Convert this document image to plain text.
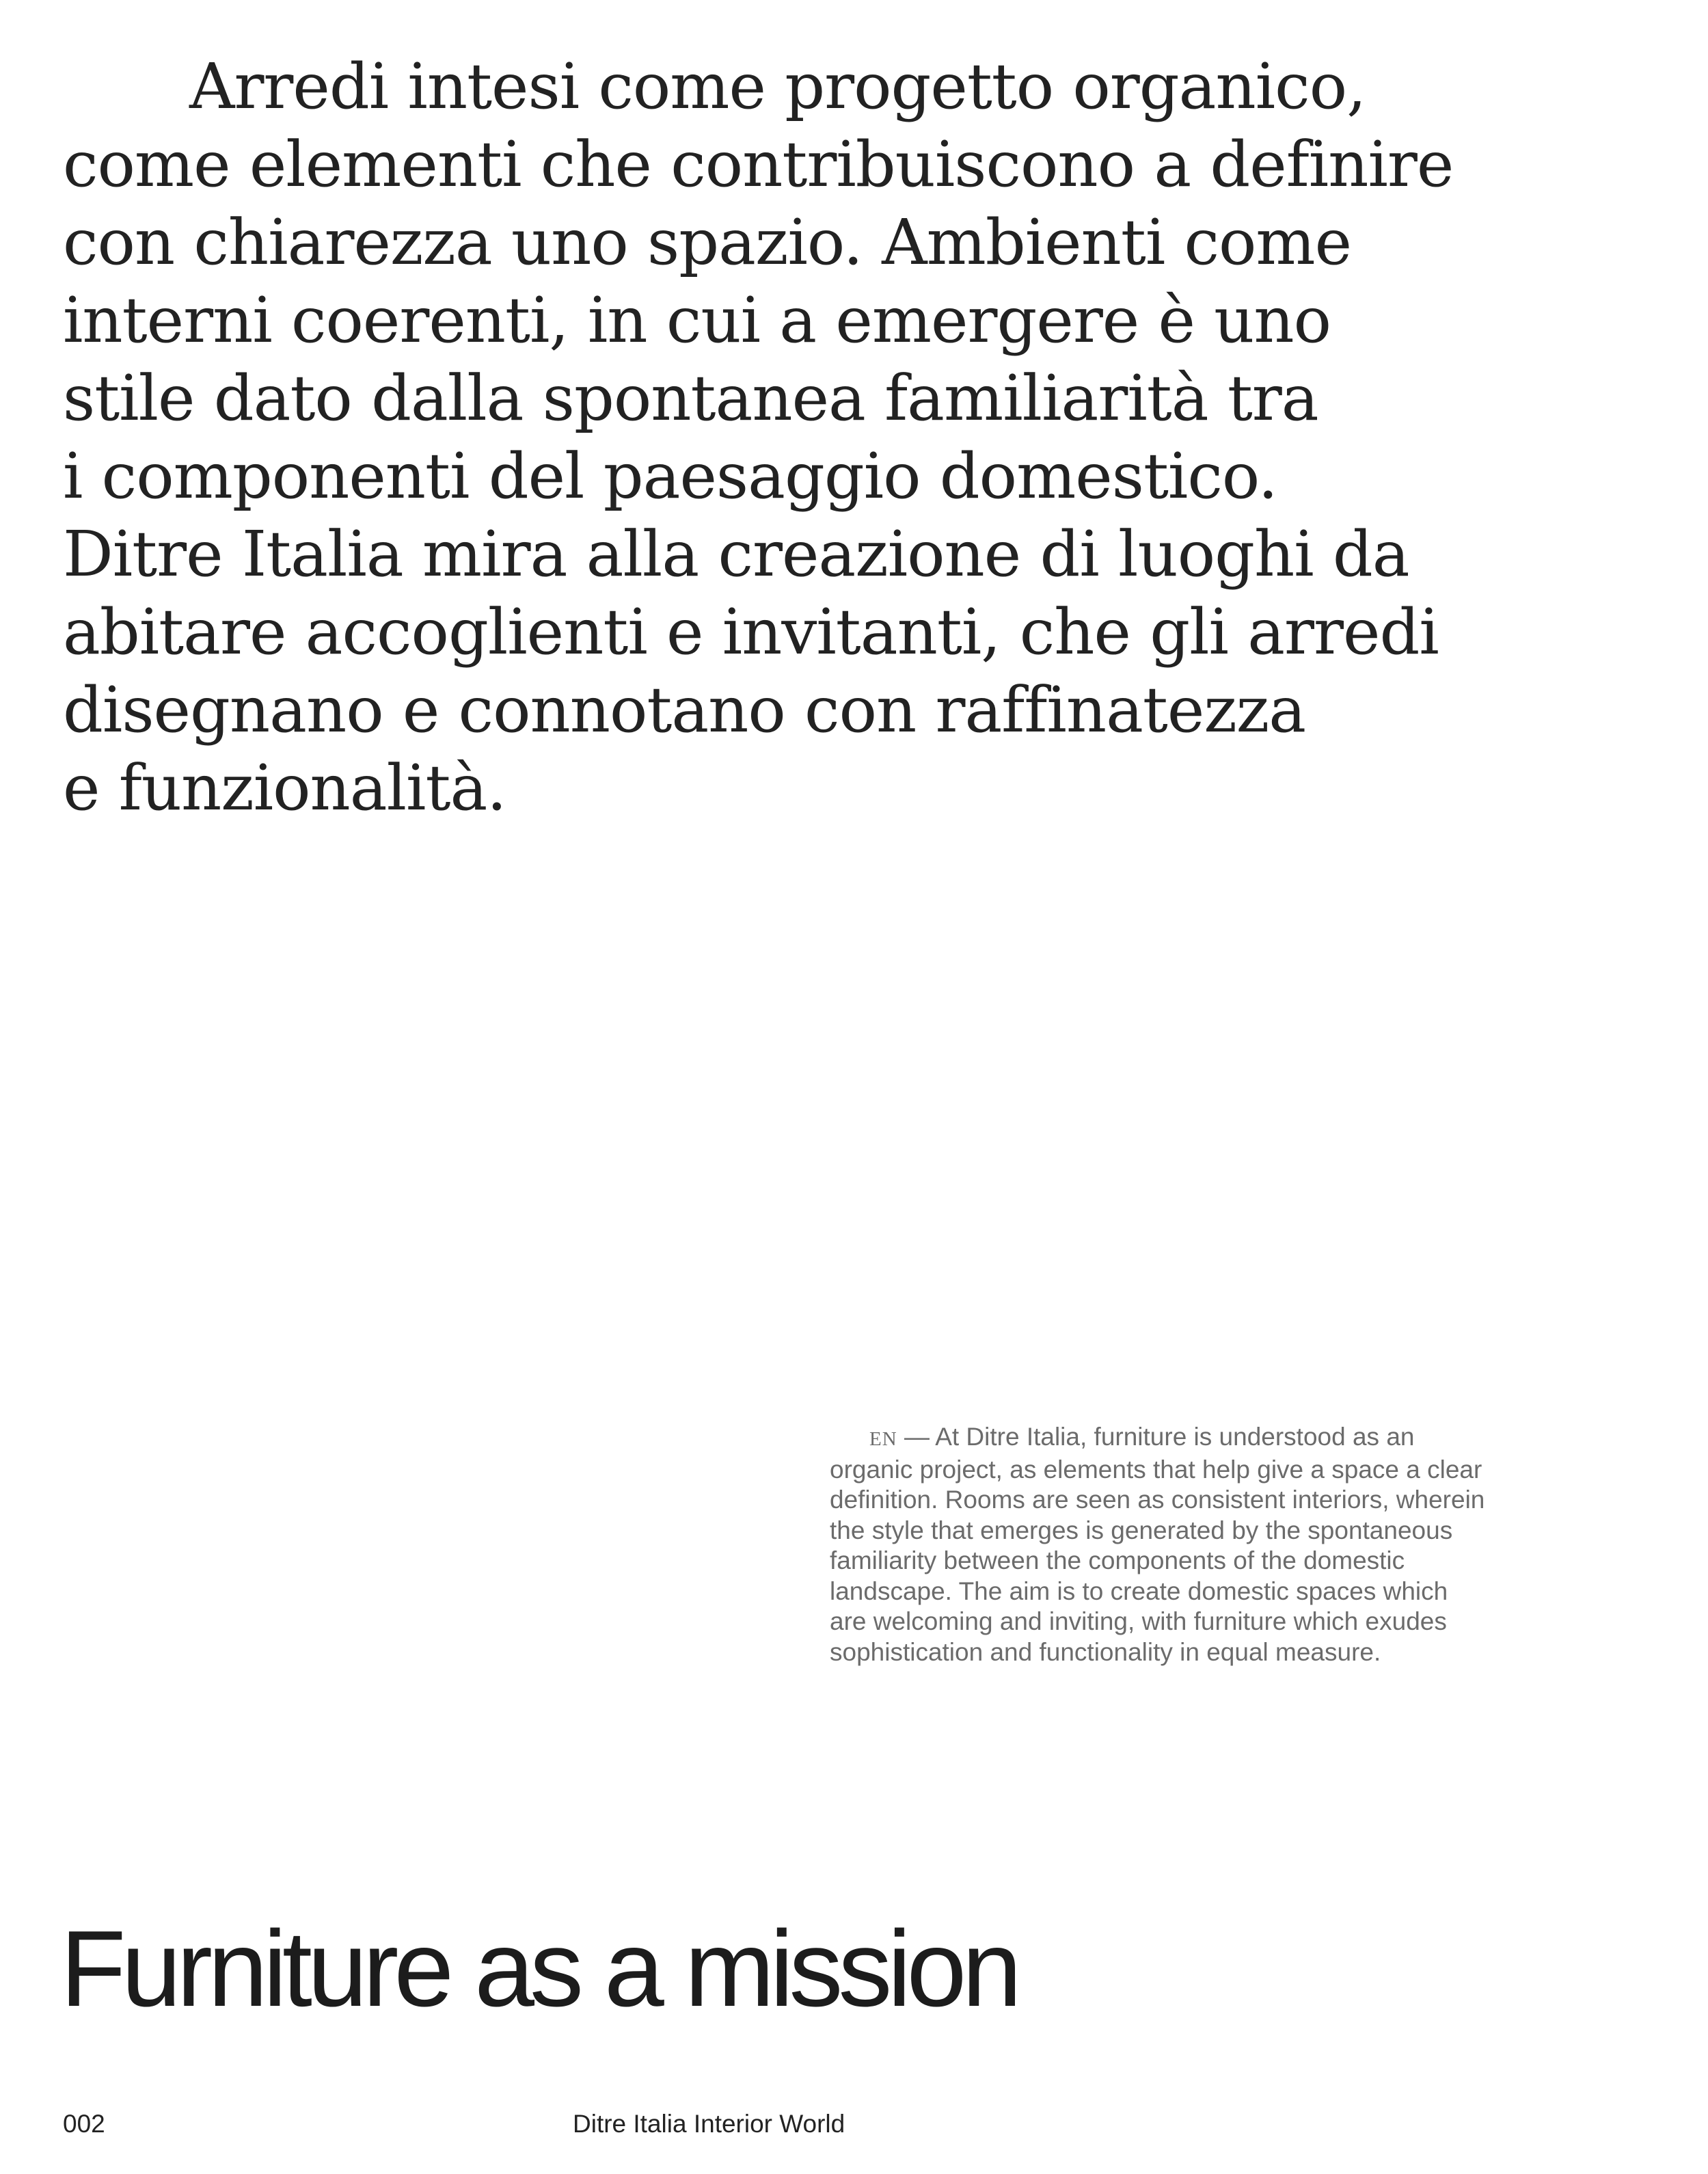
Arredi intesi come progetto organico,
come elementi che contribuiscono a definire
con chiarezza uno spazio. Ambienti come
interni coerenti, in cui a emergere è uno
stile dato dalla spontanea familiarità tra
i componenti del paesaggio domestico.
Ditre Italia mira alla creazione di luoghi da
abitare accoglienti e invitanti, che gli arredi
disegnano e connotano con raffinatezza
e funzionalità.
EN — At Ditre Italia, furniture is understood as an
organic project, as elements that help give a space a clear
definition. Rooms are seen as consistent interiors, wherein
the style that emerges is generated by the spontaneous
familiarity between the components of the domestic
landscape. The aim is to create domestic spaces which
are welcoming and inviting, with furniture which exudes
sophistication and functionality in equal measure.
Furniture as a mission
002	Ditre Italia Interior World
